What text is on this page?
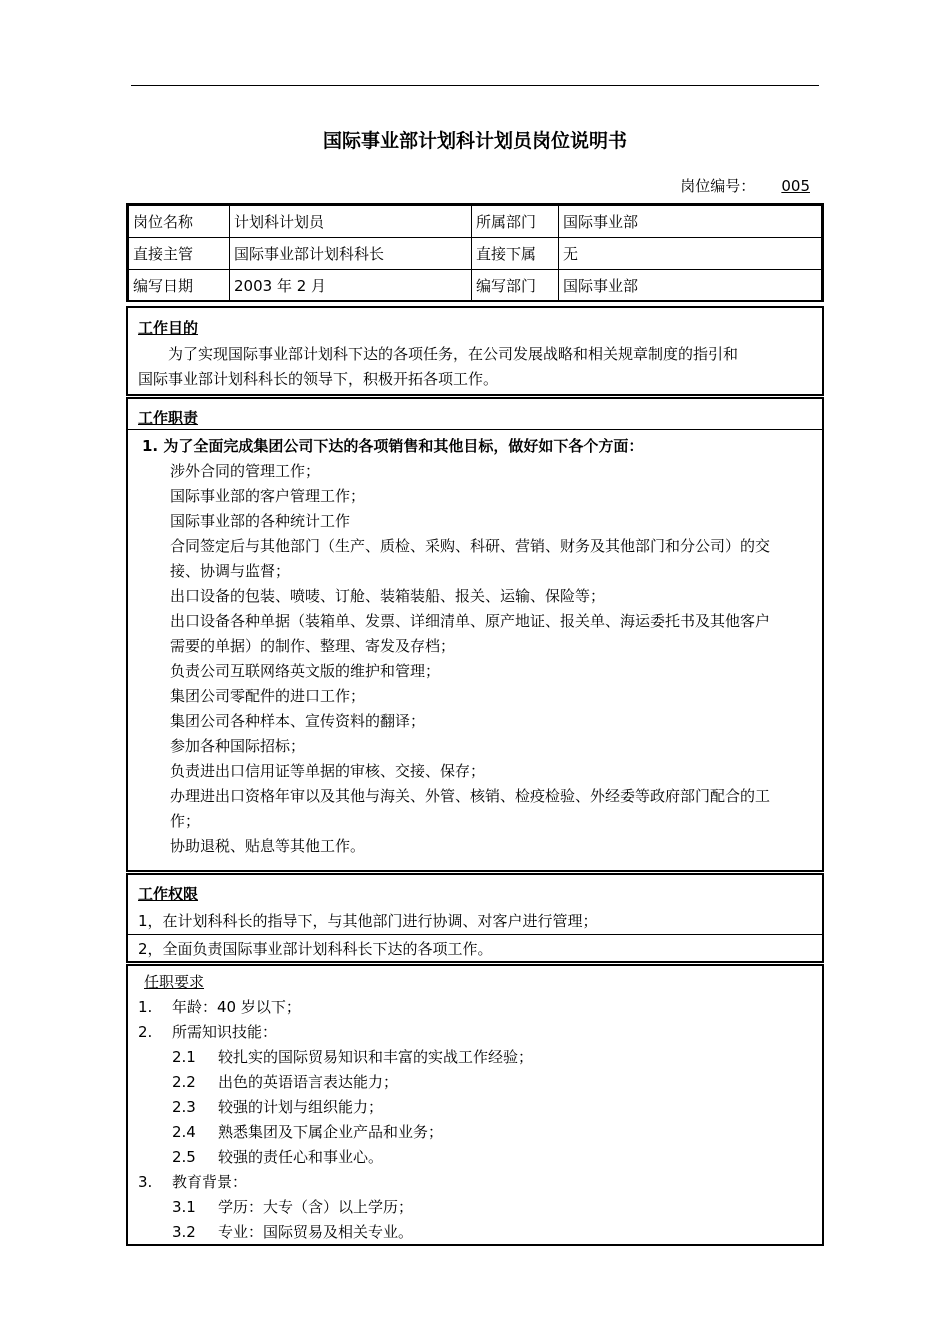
国际事业部计划科计划员岗位说明书
岗位编号： 005
岗位名称	计划科计划员	所属部门	国际事业部
直接主管	国际事业部计划科科长	直接下属	无
编写日期	2003 年 2 月	编写部门	国际事业部
工作目的
为了实现国际事业部计划科下达的各项任务，在公司发展战略和相关规章制度的指引和
国际事业部计划科科长的领导下，积极开拓各项工作。
工作职责
1. 为了全面完成集团公司下达的各项销售和其他目标，做好如下各个方面：
涉外合同的管理工作；
国际事业部的客户管理工作；
国际事业部的各种统计工作
合同签定后与其他部门（生产、质检、采购、科研、营销、财务及其他部门和分公司）的交
接、协调与监督；
出口设备的包装、喷唛、订舱、装箱装船、报关、运输、保险等；
出口设备各种单据（装箱单、发票、详细清单、原产地证、报关单、海运委托书及其他客户
需要的单据）的制作、整理、寄发及存档；
负责公司互联网络英文版的维护和管理；
集团公司零配件的进口工作；
集团公司各种样本、宣传资料的翻译；
参加各种国际招标；
负责进出口信用证等单据的审核、交接、保存；
办理进出口资格年审以及其他与海关、外管、核销、检疫检验、外经委等政府部门配合的工
作；
协助退税、贴息等其他工作。
工作权限
1，在计划科科长的指导下，与其他部门进行协调、对客户进行管理；
2，全面负责国际事业部计划科科长下达的各项工作。
任职要求
1. 年龄：40 岁以下；
2. 所需知识技能：
2.1 较扎实的国际贸易知识和丰富的实战工作经验；
2.2 出色的英语语言表达能力；
2.3 较强的计划与组织能力；
2.4 熟悉集团及下属企业产品和业务；
2.5 较强的责任心和事业心。
3. 教育背景：
3.1 学历：大专（含）以上学历；
3.2 专业：国际贸易及相关专业。
